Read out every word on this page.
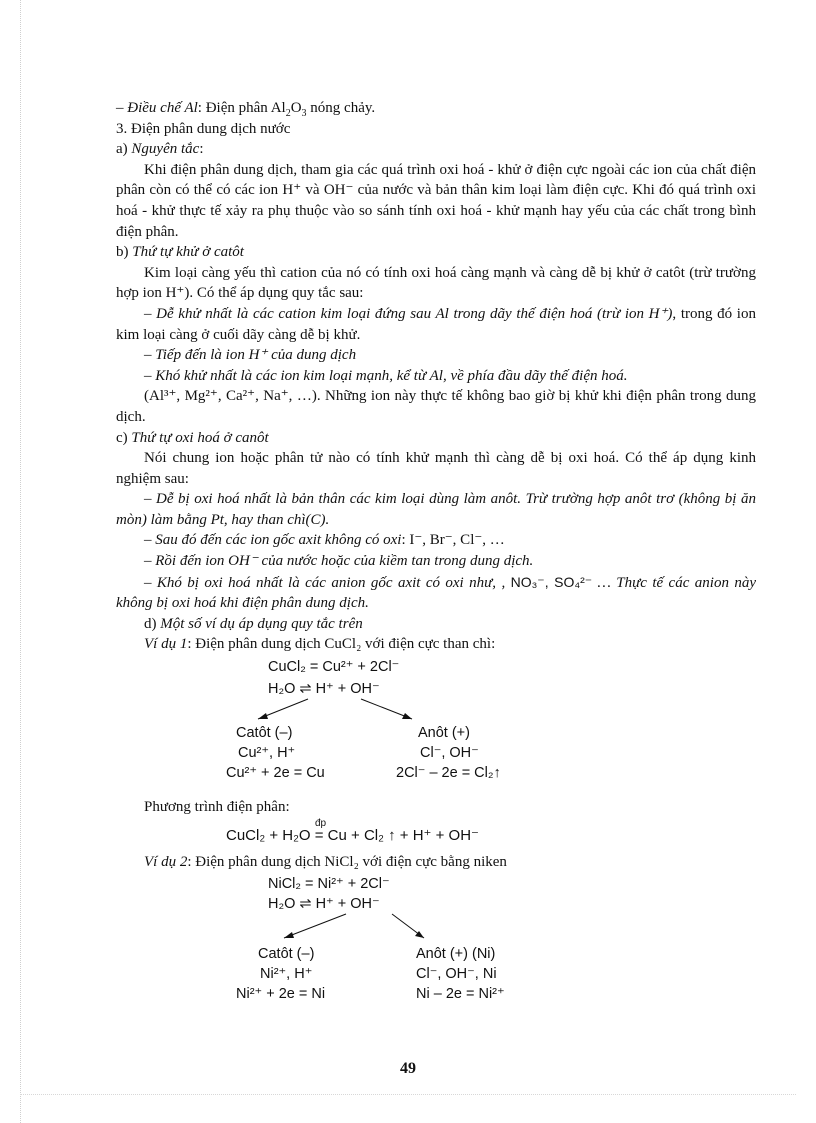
– Điều chế Al: Điện phân $Al_2O_3$ nóng chảy.

3. Điện phân dung dịch nước

a) Nguyên tắc:

Khi điện phân dung dịch, tham gia các quá trình oxi hoá - khử ở điện cực ngoài các ion của chất điện phân còn có thể có các ion H⁺ và OH⁻ của nước và bản thân kim loại làm điện cực. Khi đó quá trình oxi hoá - khử thực tế xảy ra phụ thuộc vào so sánh tính oxi hoá - khử mạnh hay yếu của các chất trong bình điện phân.

b) Thứ tự khử ở catôt

Kim loại càng yếu thì cation của nó có tính oxi hoá càng mạnh và càng dễ bị khử ở catôt (trừ trường hợp ion H⁺). Có thể áp dụng quy tắc sau:

– Dễ khử nhất là các cation kim loại đứng sau Al trong dãy thế điện hoá (trừ ion H⁺), trong đó ion kim loại càng ở cuối dãy càng dễ bị khử.

– Tiếp đến là ion H⁺ của dung dịch

– Khó khử nhất là các ion kim loại mạnh, kể từ Al, về phía đầu dãy thế điện hoá.

(Al³⁺, Mg²⁺, Ca²⁺, Na⁺, …). Những ion này thực tế không bao giờ bị khử khi điện phân trong dung dịch.

c) Thứ tự oxi hoá ở canôt

Nói chung ion hoặc phân tử nào có tính khử mạnh thì càng dễ bị oxi hoá. Có thể áp dụng kinh nghiệm sau:

– Dễ bị oxi hoá nhất là bản thân các kim loại dùng làm anôt. Trừ trường hợp anôt trơ (không bị ăn mòn) làm bằng Pt, hay than chì(C).

– Sau đó đến các ion gốc axit không có oxi: I⁻, Br⁻, Cl⁻, …

– Rồi đến ion OH⁻ của nước hoặc của kiềm tan trong dung dịch.

– Khó bị oxi hoá nhất là các anion gốc axit có oxi như, , NO₃⁻, SO₄²⁻ … Thực tế các anion này không bị oxi hoá khi điện phân dung dịch.

d) Một số ví dụ áp dụng quy tắc trên

Ví dụ 1: Điện phân dung dịch CuCl₂ với điện cực than chì:

CuCl₂ = Cu²⁺ + 2Cl⁻
H₂O ⇌ H⁺ + OH⁻
Catôt (–)
Cu²⁺, H⁺
Cu²⁺ + 2e = Cu
Anôt (+)
Cl⁻, OH⁻
2Cl⁻ – 2e = Cl₂↑

Phương trình điện phân:

đp
CuCl₂ + H₂O = Cu + Cl₂ ↑ + H⁺ + OH⁻

Ví dụ 2: Điện phân dung dịch NiCl₂ với điện cực bằng niken

NiCl₂ = Ni²⁺ + 2Cl⁻
H₂O ⇌ H⁺ + OH⁻
Catôt (–)
Ni²⁺, H⁺
Ni²⁺ + 2e = Ni
Anôt (+) (Ni)
Cl⁻, OH⁻, Ni
Ni – 2e = Ni²⁺
49
